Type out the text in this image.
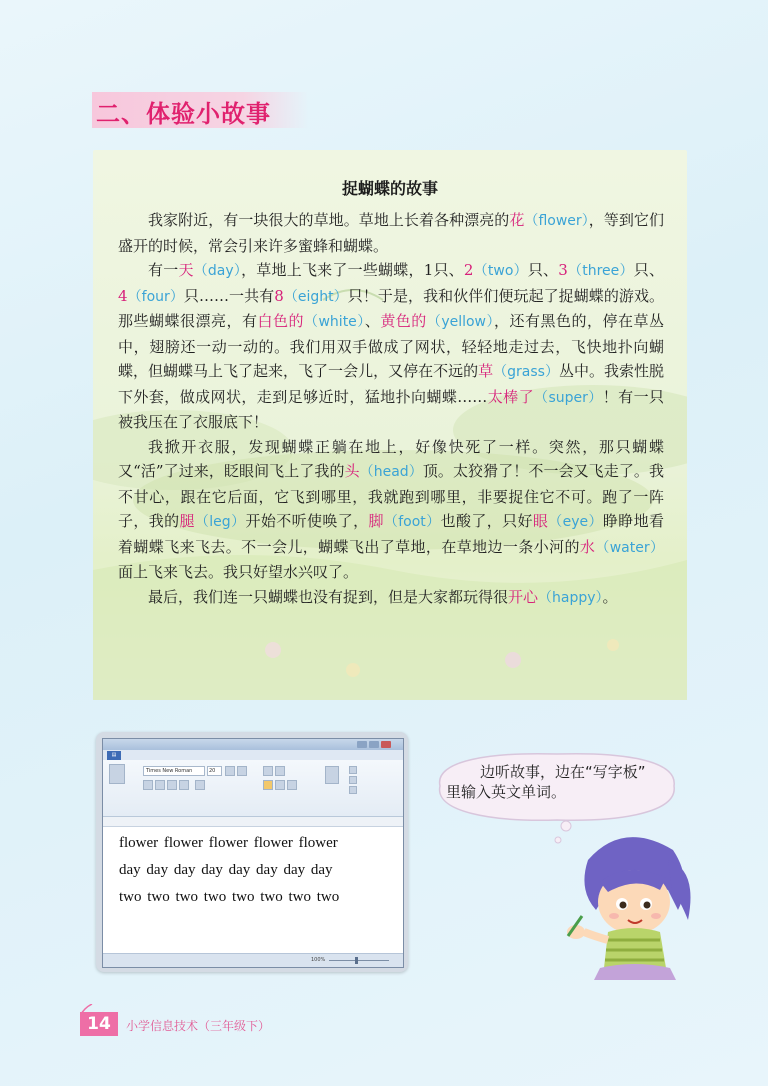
二、体验小故事
捉蝴蝶的故事

我家附近，有一块很大的草地。草地上长着各种漂亮的花（flower），等到它们盛开的时候，常会引来许多蜜蜂和蝴蝶。

有一天（day），草地上飞来了一些蝴蝶，1只、2（two）只、3（three）只、4（four）只……一共有8（eight）只！于是，我和伙伴们便玩起了捉蝴蝶的游戏。那些蝴蝶很漂亮，有白色的（white）、黄色的（yellow），还有黑色的，停在草丛中，翅膀还一动一动的。我们用双手做成了网状，轻轻地走过去，飞快地扑向蝴蝶，但蝴蝶马上飞了起来，飞了一会儿，又停在不远的草（grass）丛中。我索性脱下外套，做成网状，走到足够近时，猛地扑向蝴蝶……太棒了（super）！有一只被我压在了衣服底下！

我掀开衣服，发现蝴蝶正躺在地上，好像快死了一样。突然，那只蝴蝶又“活”了过来，眨眼间飞上了我的头（head）顶。太狡猾了！不一会又飞走了。我不甘心，跟在它后面，它飞到哪里，我就跑到哪里，非要捉住它不可。跑了一阵子，我的腿（leg）开始不听使唤了，脚（foot）也酸了，只好眼（eye）睁睁地看着蝴蝶飞来飞去。不一会儿，蝴蝶飞出了草地，在草地边一条小河的水（water）面上飞来飞去。我只好望水兴叹了。

最后，我们连一只蝴蝶也没有捉到，但是大家都玩得很开心（happy）。

▤
Times New Roman	20
flower flower flower flower flower
day day day day day day day day
two two two two two two two two
100%
边听故事，边在“写字板”
里输入英文单词。
14	小学信息技术（三年级下）
